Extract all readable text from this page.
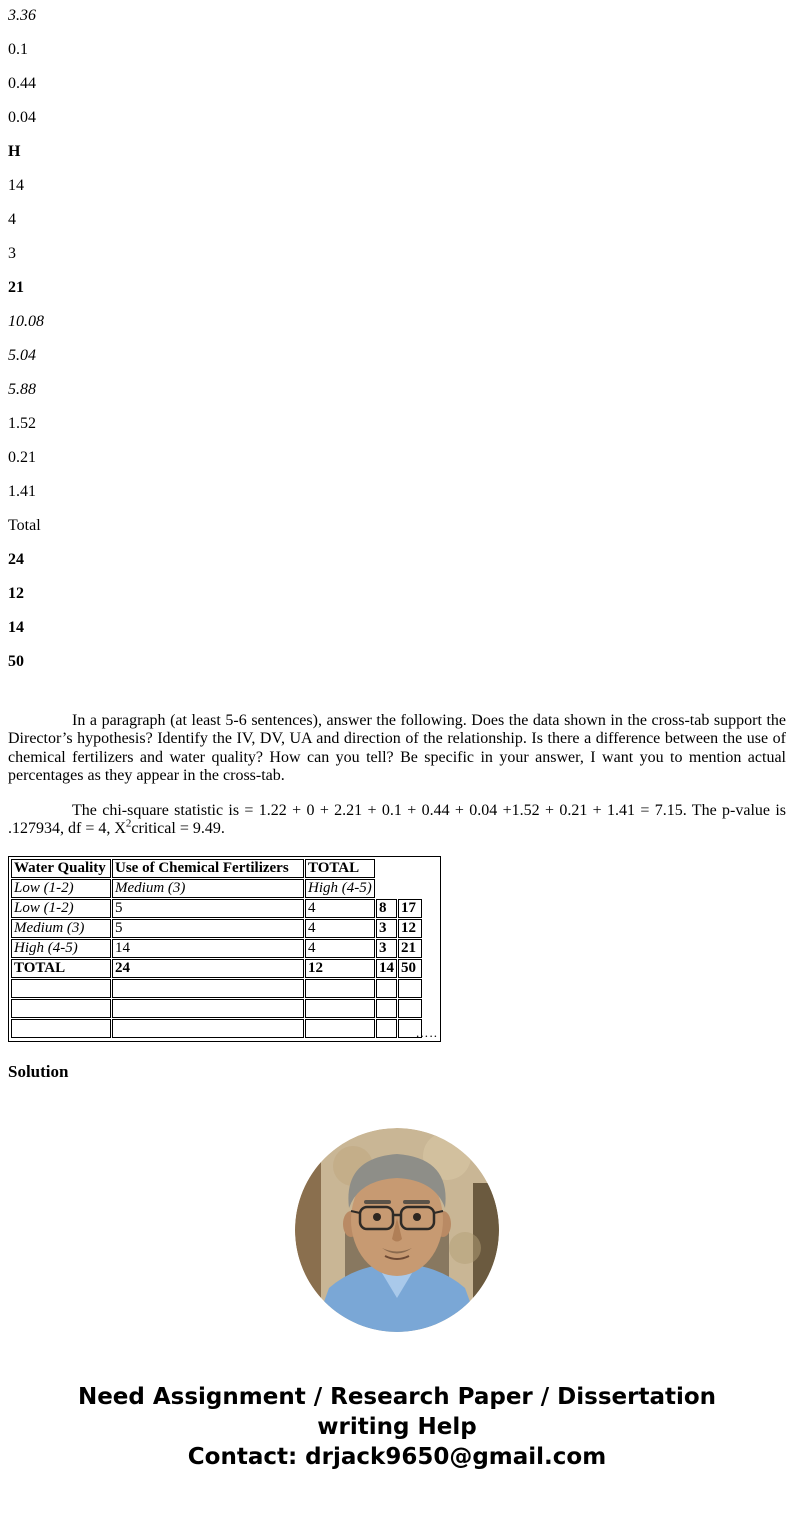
3.36

0.1

0.44

0.04

H

14

4

3

21

10.08

5.04

5.88

1.52

0.21

1.41

Total

24

12

14

50

In a paragraph (at least 5-6 sentences), answer the following. Does the data shown in the cross-tab support the Director’s hypothesis? Identify the IV, DV, UA and direction of the relationship. Is there a difference between the use of chemical fertilizers and water quality? How can you tell? Be specific in your answer, I want you to mention actual percentages as they appear in the cross-tab.

The chi-square statistic is = 1.22 + 0 + 2.21 + 0.1 + 0.44 + 0.04 +1.52 + 0.21 + 1.41 = 7.15. The p-value is .127934, df = 4, $X^2critical = 9.49$.

Water Quality	Use of Chemical Fertilizers	TOTAL		
Low (1-2)	Medium (3)	High (4-5)		
Low (1-2)	5	4	8	17
Medium (3)	5	4	3	12
High (4-5)	14	4	3	21
TOTAL	24	12	14	50

…..

Solution

Need Assignment / Research Paper / Dissertation
writing Help
Contact: drjack9650@gmail.com
